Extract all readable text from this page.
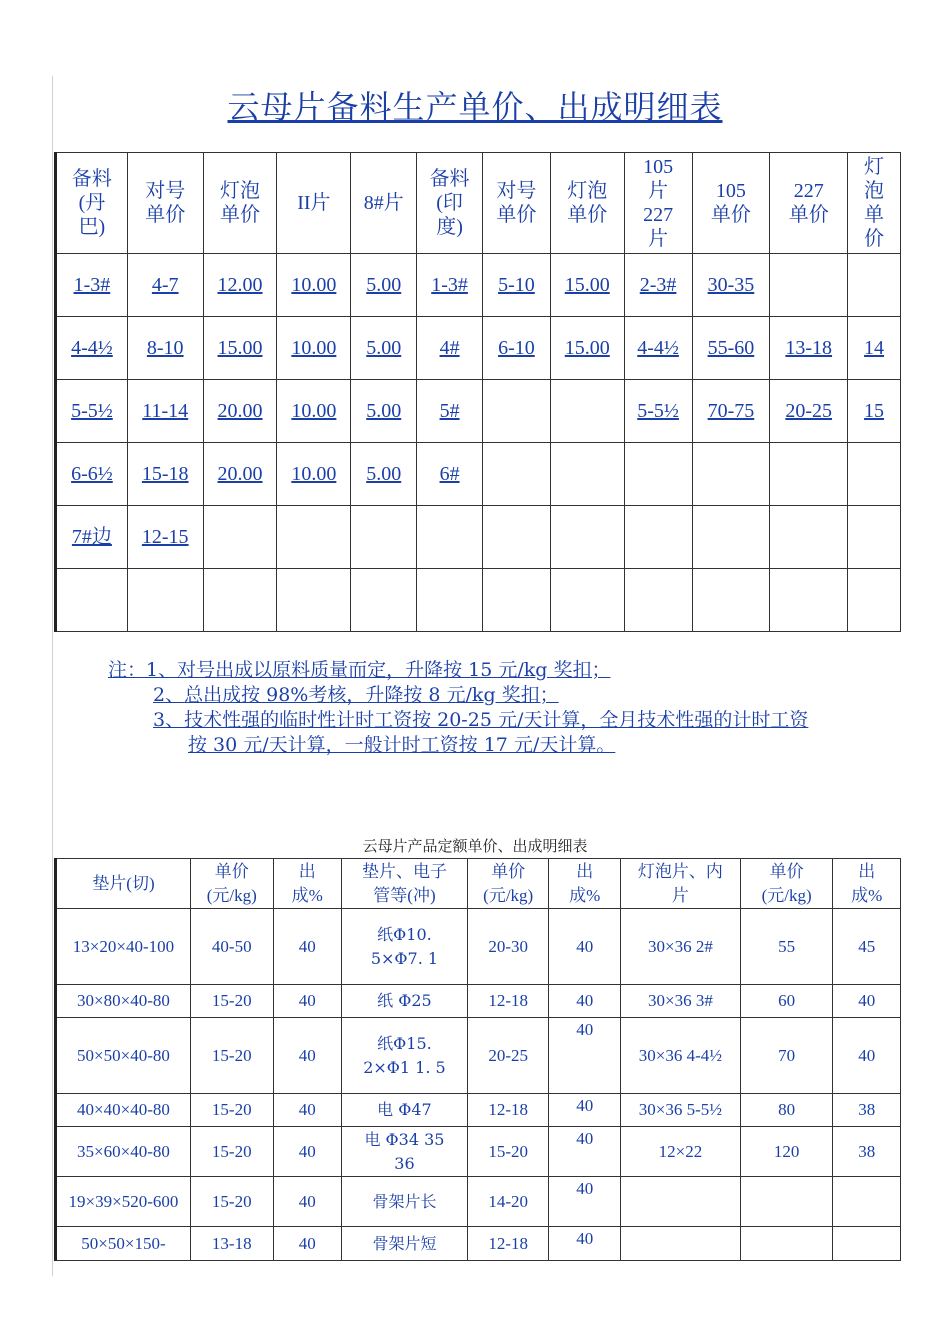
云母片备料生产单价、出成明细表
备料(丹巴)	对号单价	灯泡单价	II片	8#片	备料(印度)	对号单价	灯泡单价	105片227片	105单价	227单价	灯泡单价
1-3#	4-7	12.00	10.00	5.00	1-3#	5-10	15.00	2-3#	30-35		
4-4½	8-10	15.00	10.00	5.00	4#	6-10	15.00	4-4½	55-60	13-18	14
5-5½	11-14	20.00	10.00	5.00	5#			5-5½	70-75	20-25	15
6-6½	15-18	20.00	10.00	5.00	6#						
7#边	12-15										

注：1、对号出成以原料质量而定，升降按 15 元/kg 奖扣；
2、总出成按 98%考核，升降按 8 元/kg 奖扣；
3、技术性强的临时性计时工资按 20-25 元/天计算，全月技术性强的计时工资
按 30 元/天计算，一般计时工资按 17 元/天计算。
云母片产品定额单价、出成明细表
垫片(切)	单价(元/kg)	出成%	垫片、电子管等(冲)	单价(元/kg)	出成%	灯泡片、内片	单价(元/kg)	出成%
13×20×40-100	40-50	40	纸Φ10. 5×Φ7. 1	20-30	40	30×36 2#	55	45
30×80×40-80	15-20	40	纸 Φ25	12-18	40	30×36 3#	60	40
50×50×40-80	15-20	40	纸Φ15. 2×Φ1 1. 5	20-25	40	30×36 4-4½	70	40
40×40×40-80	15-20	40	电 Φ47	12-18	40	30×36 5-5½	80	38
35×60×40-80	15-20	40	电 Φ34 35 36	15-20	40	12×22	120	38
19×39×520-600	15-20	40	骨架片长	14-20	40			
50×50×150-	13-18	40	骨架片短	12-18	40			
